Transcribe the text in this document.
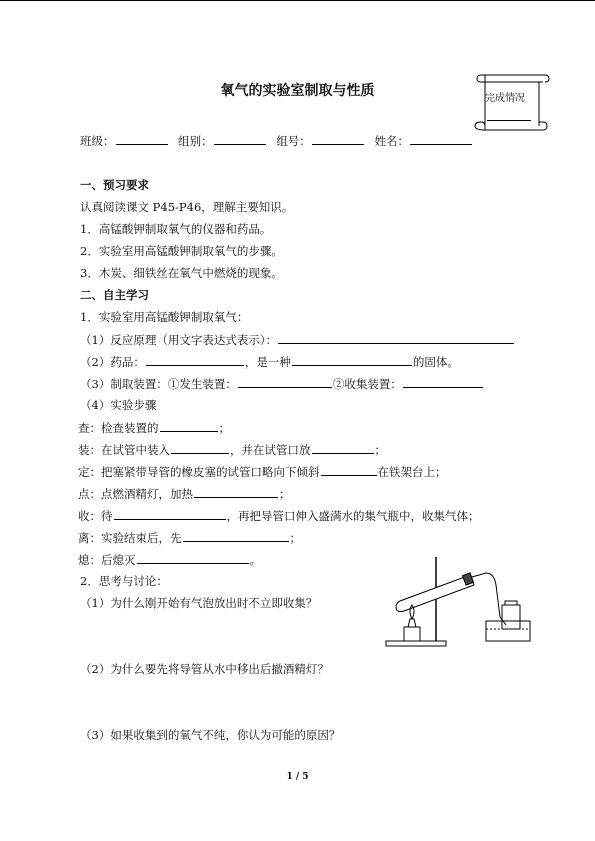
氧气的实验室制取与性质	完成情况
班级：	组别：	组号：	姓名：
一、预习要求
认真阅读课文 P45-P46，理解主要知识。
1．高锰酸钾制取氧气的仪器和药品。
2．实验室用高锰酸钾制取氧气的步骤。
3．木炭、细铁丝在氧气中燃烧的现象。
二、自主学习
1．实验室用高锰酸钾制取氧气：
（1）反应原理（用文字表达式表示）：
（2）药品：	，是一种	的固体。
（3）制取装置：①发生装置：	②收集装置：
（4）实验步骤
查：检查装置的	；
装：在试管中装入	，并在试管口放	；
定：把塞紧带导管的橡皮塞的试管口略向下倾斜	在铁架台上；
点：点燃酒精灯，加热	；
收：待	，再把导管口伸入盛满水的集气瓶中，收集气体；
离：实验结束后，先	；
熄：后熄灭	。
2．思考与讨论：
（1）为什么刚开始有气泡放出时不立即收集？
（2）为什么要先将导管从水中移出后撤酒精灯？
（3）如果收集到的氧气不纯，你认为可能的原因？
1 / 5
